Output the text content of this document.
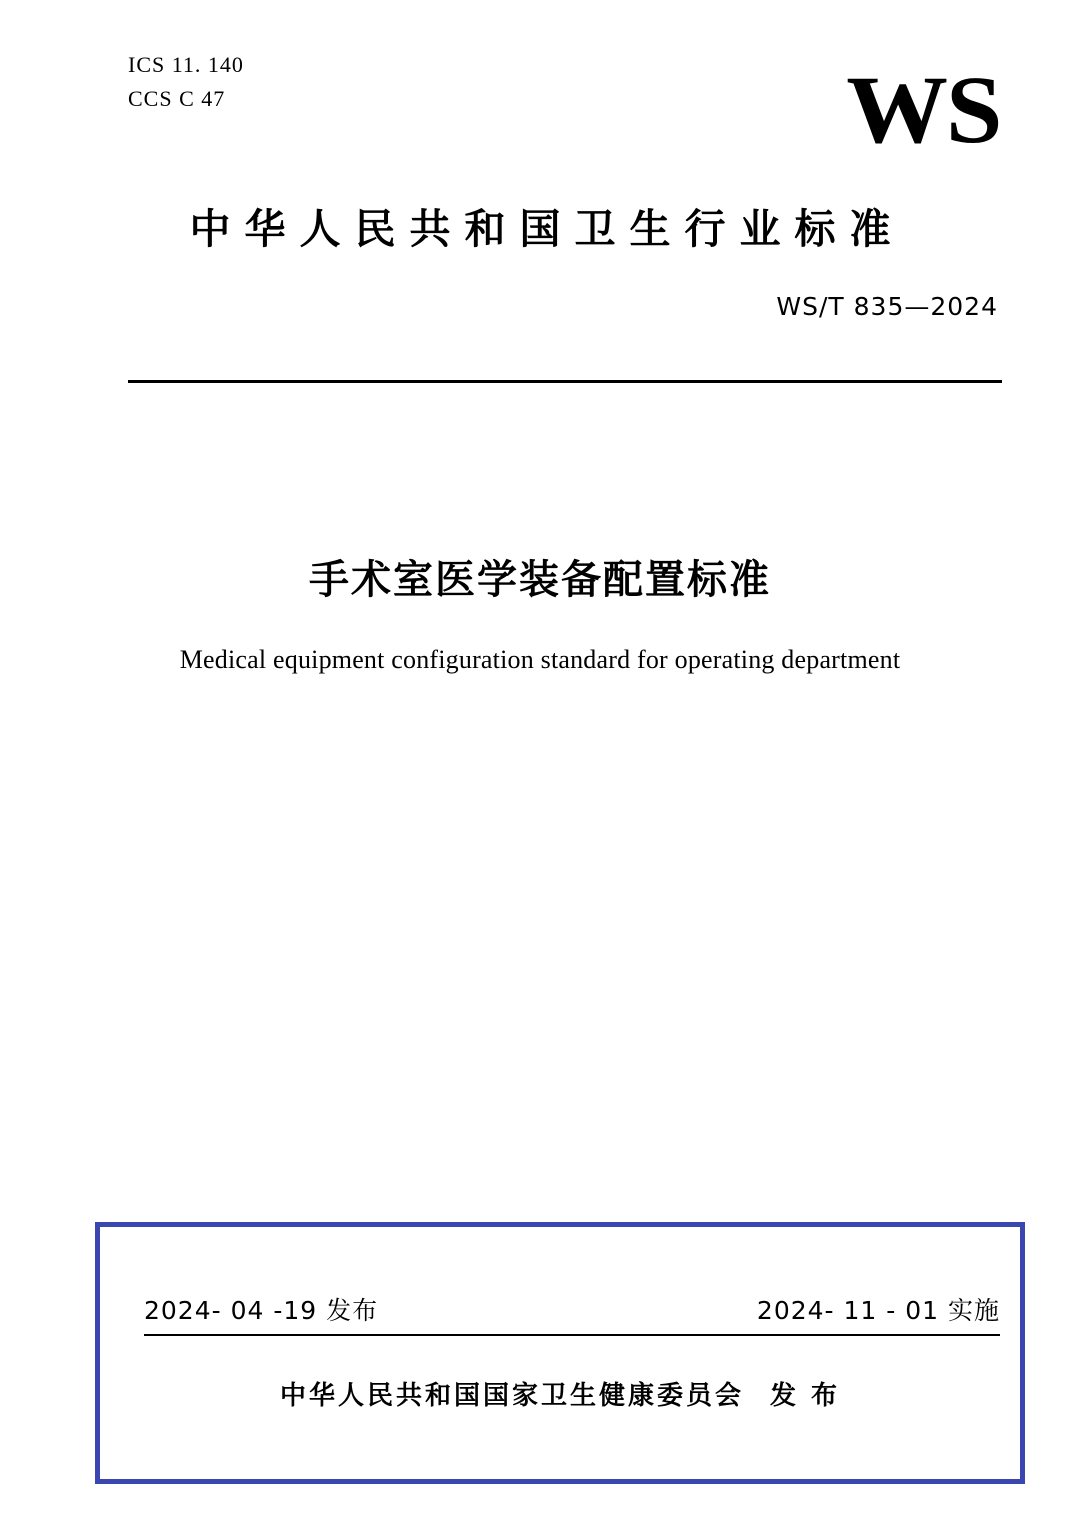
ICS 11. 140
CCS C 47	WS
中华人民共和国卫生行业标准
WS/T 835—2024
手术室医学装备配置标准
Medical equipment configuration standard for operating department
2024- 04 -19 发布	2024- 11 - 01 实施
中华人民共和国国家卫生健康委员会 发 布
